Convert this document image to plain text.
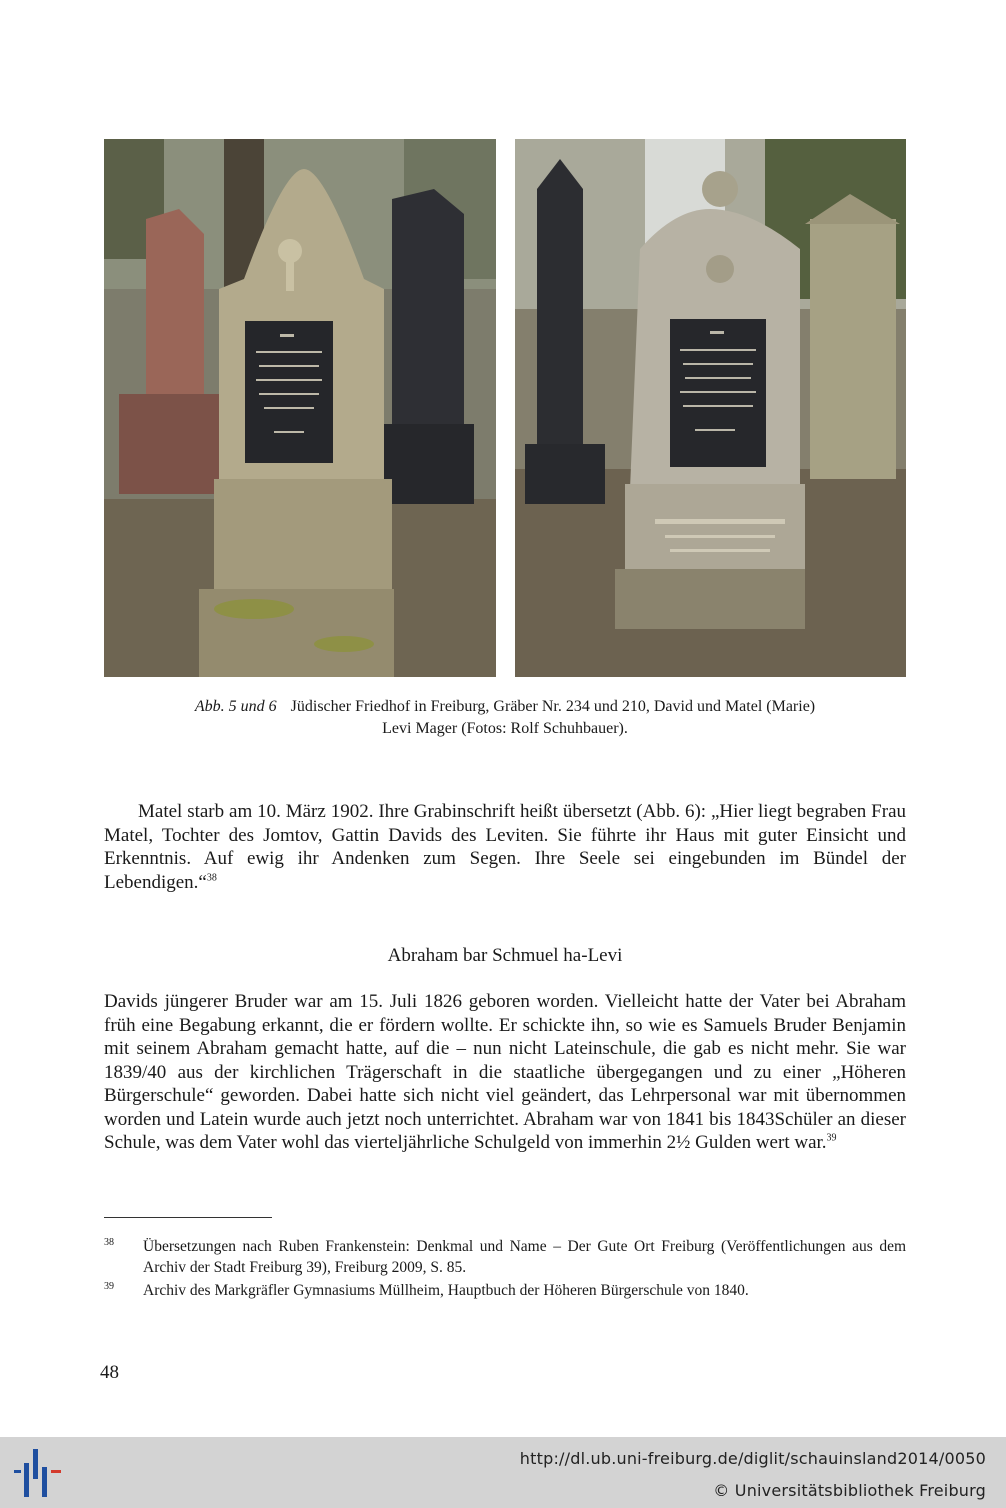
Abb. 5 und 6 Jüdischer Friedhof in Freiburg, Gräber Nr. 234 und 210, David und Matel (Marie)
Levi Mager (Fotos: Rolf Schuhbauer).

Matel starb am 10. März 1902. Ihre Grabinschrift heißt übersetzt (Abb. 6): „Hier liegt begraben Frau Matel, Tochter des Jomtov, Gattin Davids des Leviten. Sie führte ihr Haus mit guter Einsicht und Erkenntnis. Auf ewig ihr Andenken zum Segen. Ihre Seele sei eingebunden im Bündel der Lebendigen.“$^{38}$

Abraham bar Schmuel ha-Levi

Davids jüngerer Bruder war am 15. Juli 1826 geboren worden. Vielleicht hatte der Vater bei Abraham früh eine Begabung erkannt, die er fördern wollte. Er schickte ihn, so wie es Samuels Bruder Benjamin mit seinem Abraham gemacht hatte, auf die – nun nicht Lateinschule, die gab es nicht mehr. Sie war 1839/40 aus der kirchlichen Trägerschaft in die staatliche übergegangen und zu einer „Höheren Bürgerschule“ geworden. Dabei hatte sich nicht viel geändert, das Lehrpersonal war mit übernommen worden und Latein wurde auch jetzt noch unterrichtet. Abraham war von 1841 bis 1843Schüler an dieser Schule, was dem Vater wohl das vierteljährliche Schulgeld von immerhin 2½ Gulden wert war.$^{39}$

38 Übersetzungen nach Ruben Frankenstein: Denkmal und Name – Der Gute Ort Freiburg (Veröffentlichungen aus dem Archiv der Stadt Freiburg 39), Freiburg 2009, S. 85.
39 Archiv des Markgräfler Gymnasiums Müllheim, Hauptbuch der Höheren Bürgerschule von 1840.
48
http://dl.ub.uni-freiburg.de/diglit/schauinsland2014/0050
© Universitätsbibliothek Freiburg
